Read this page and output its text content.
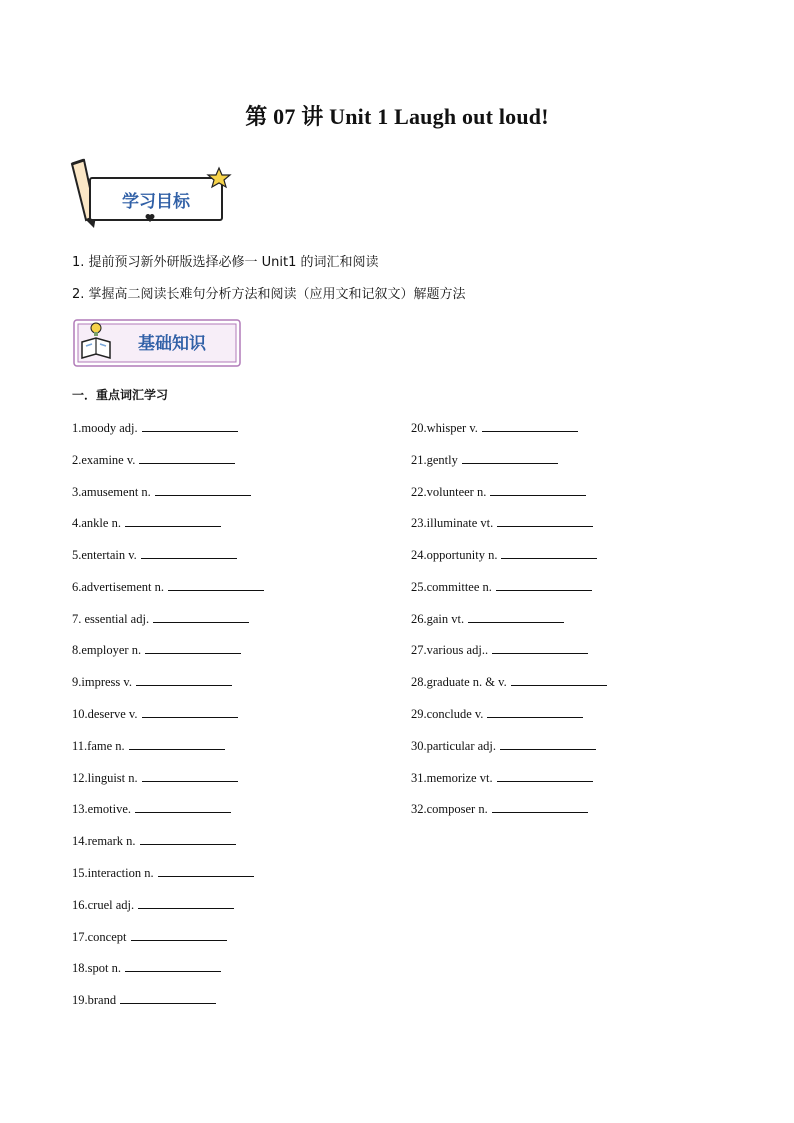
第 07 讲 Unit 1 Laugh out loud!
学习目标
1. 提前预习新外研版选择必修一 Unit1 的词汇和阅读
2. 掌握高二阅读长难句分析方法和阅读（应用文和记叙文）解题方法
基础知识
一．重点词汇学习
1.moody adj.
2.examine v.
3.amusement n.
4.ankle n.
5.entertain v.
6.advertisement n.
7. essential adj.
8.employer n.
9.impress v.
10.deserve v.
11.fame n.
12.linguist n.
13.emotive.
14.remark n.
15.interaction n.
16.cruel adj.
17.concept
18.spot n.
19.brand
20.whisper v.
21.gently
22.volunteer n.
23.illuminate vt.
24.opportunity n.
25.committee n.
26.gain vt.
27.various adj..
28.graduate n. & v.
29.conclude v.
30.particular adj.
31.memorize vt.
32.composer n.
